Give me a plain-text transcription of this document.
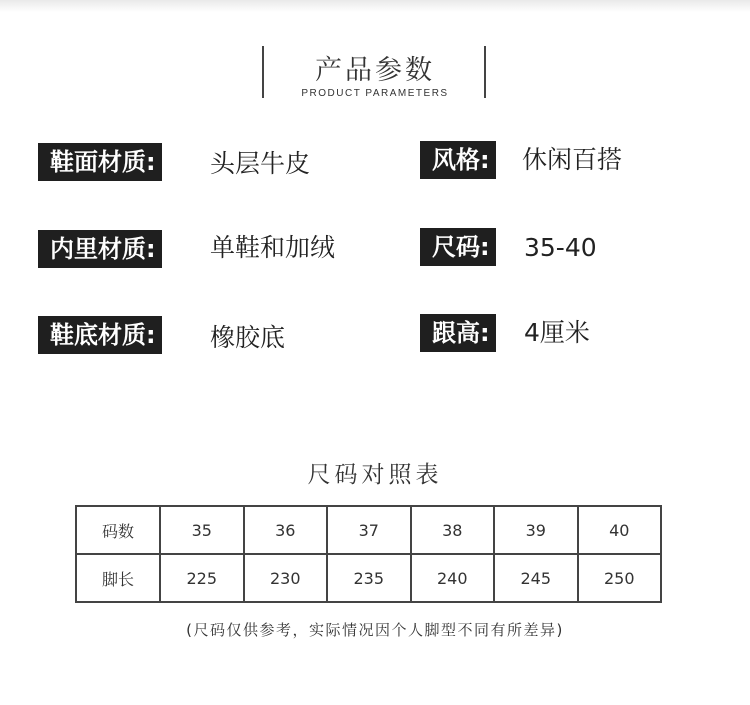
产品参数
PRODUCT PARAMETERS
鞋面材质: 头层牛皮	风格: 休闲百搭
内里材质: 单鞋和加绒	尺码: 35-40
鞋底材质: 橡胶底	跟高: 4厘米
尺码对照表
码数	35	36	37	38	39	40
脚长	225	230	235	240	245	250
(尺码仅供参考，实际情况因个人脚型不同有所差异)
